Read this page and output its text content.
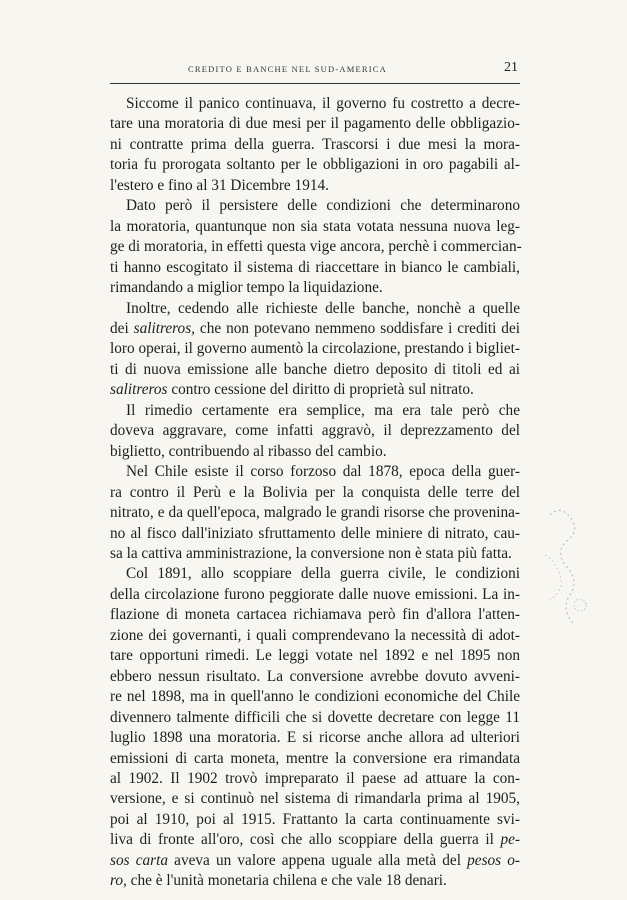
CREDITO E BANCHE NEL SUD-AMERICA	21
Siccome il panico continuava, il governo fu costretto a decre-
tare una moratoria di due mesi per il pagamento delle obbligazio-
ni contratte prima della guerra. Trascorsi i due mesi la mora-
toria fu prorogata soltanto per le obbligazioni in oro pagabili al-
l'estero e fino al 31 Dicembre 1914.
Dato però il persistere delle condizioni che determinarono
la moratoria, quantunque non sia stata votata nessuna nuova leg-
ge di moratoria, in effetti questa vige ancora, perchè i commercian-
ti hanno escogitato il sistema di riaccettare in bianco le cambiali,
rimandando a miglior tempo la liquidazione.
Inoltre, cedendo alle richieste delle banche, nonchè a quelle
dei salitreros, che non potevano nemmeno soddisfare i crediti dei
loro operai, il governo aumentò la circolazione, prestando i bigliet-
ti di nuova emissione alle banche dietro deposito di titoli ed ai
salitreros contro cessione del diritto di proprietà sul nitrato.
Il rimedio certamente era semplice, ma era tale però che
doveva aggravare, come infatti aggravò, il deprezzamento del
biglietto, contribuendo al ribasso del cambio.
Nel Chile esiste il corso forzoso dal 1878, epoca della guer-
ra contro il Perù e la Bolivia per la conquista delle terre del
nitrato, e da quell'epoca, malgrado le grandi risorse che provenina-
no al fisco dall'iniziato sfruttamento delle miniere di nitrato, cau-
sa la cattiva amministrazione, la conversione non è stata più fatta.
Col 1891, allo scoppiare della guerra civile, le condizioni
della circolazione furono peggiorate dalle nuove emissioni. La in-
flazione di moneta cartacea richiamava però fin d'allora l'atten-
zione dei governanti, i quali comprendevano la necessità di adot-
tare opportuni rimedi. Le leggi votate nel 1892 e nel 1895 non
ebbero nessun risultato. La conversione avrebbe dovuto avveni-
re nel 1898, ma in quell'anno le condizioni economiche del Chile
divennero talmente difficili che si dovette decretare con legge 11
luglio 1898 una moratoria. E si ricorse anche allora ad ulteriori
emissioni di carta moneta, mentre la conversione era rimandata
al 1902. Il 1902 trovò impreparato il paese ad attuare la con-
versione, e si continuò nel sistema di rimandarla prima al 1905,
poi al 1910, poi al 1915. Frattanto la carta continuamente svi-
liva di fronte all'oro, così che allo scoppiare della guerra il pe-
sos carta aveva un valore appena uguale alla metà del pesos o-
ro, che è l'unità monetaria chilena e che vale 18 denari.
